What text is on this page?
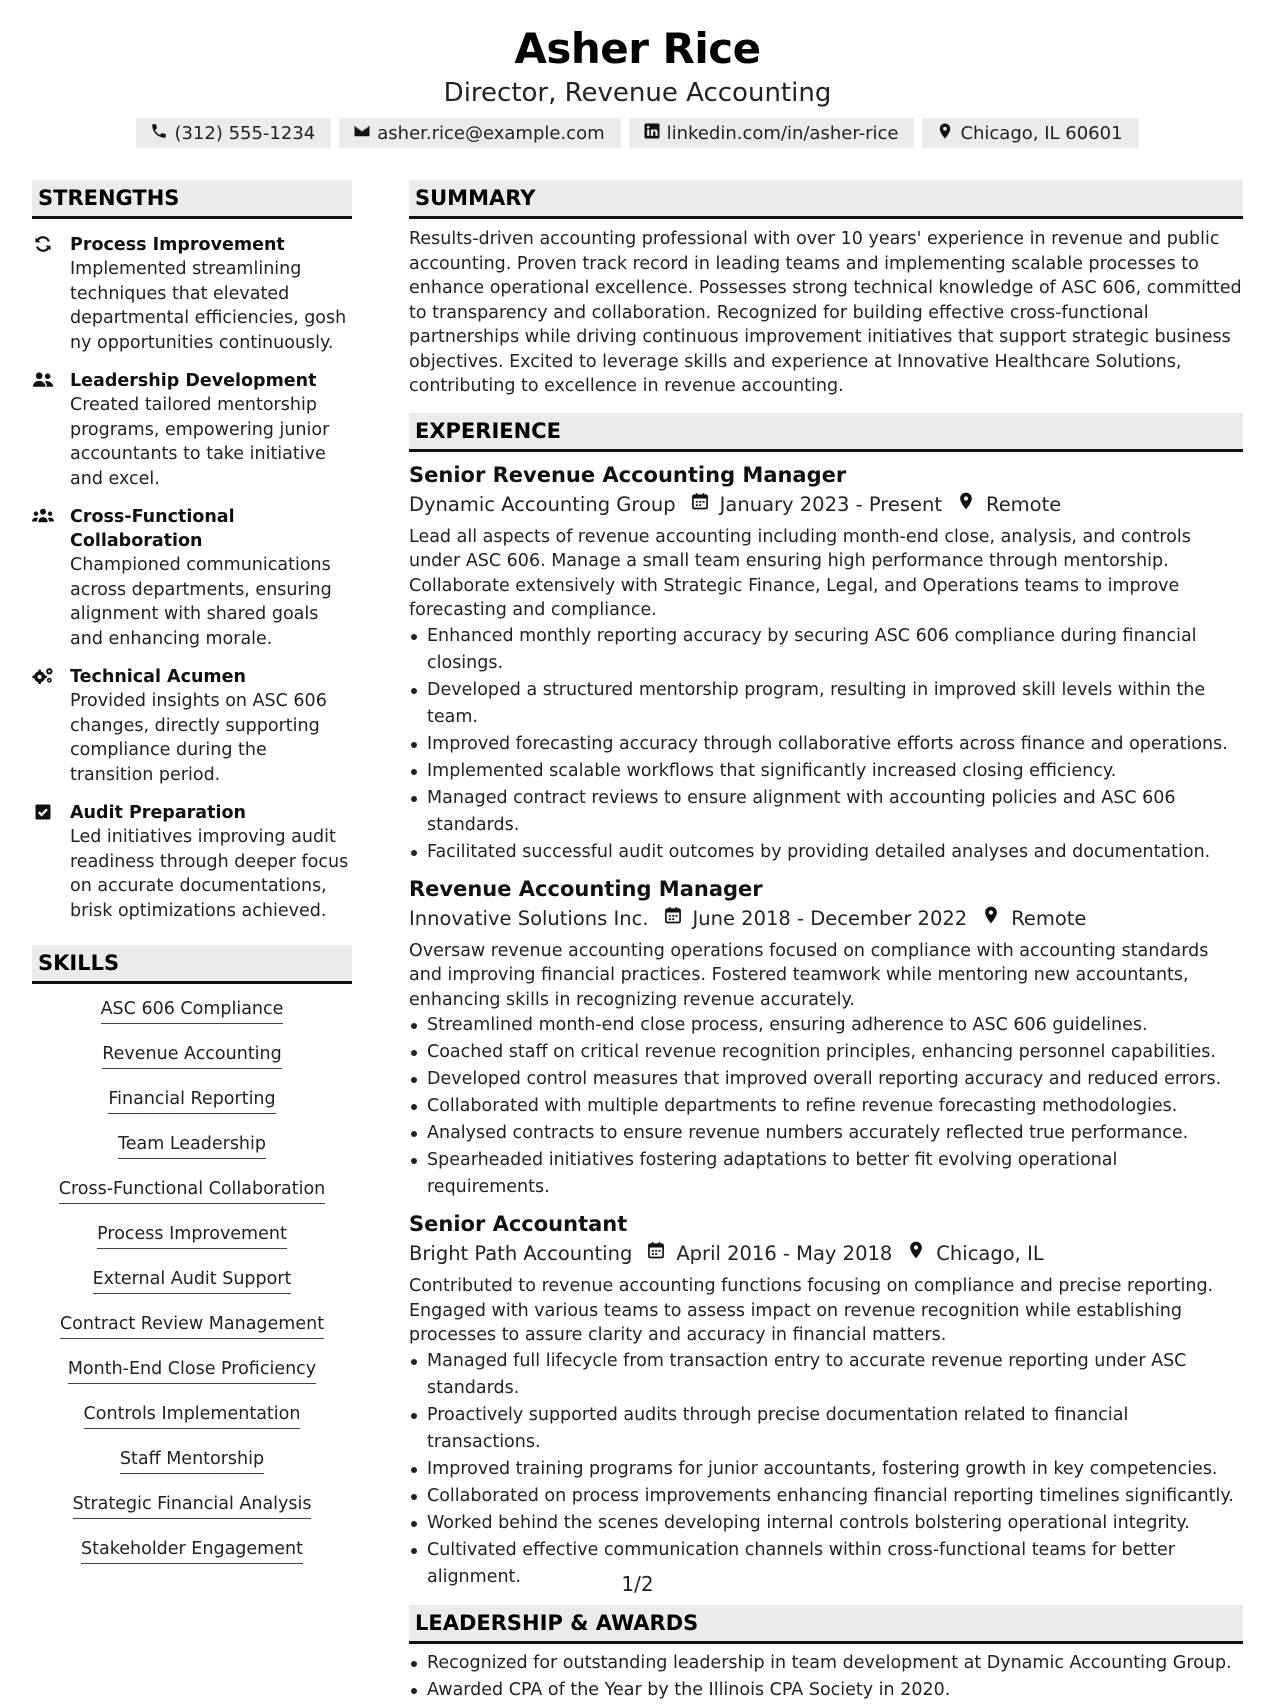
Asher Rice
Director, Revenue Accounting
(312) 555-1234	asher.rice@example.com	linkedin.com/in/asher-rice	Chicago, IL 60601
STRENGTHS
Process Improvement
Implemented streamlining techniques that elevated departmental efficiencies, gosh ny opportunities continuously.
Leadership Development
Created tailored mentorship programs, empowering junior accountants to take initiative and excel.
Cross-Functional Collaboration
Championed communications across departments, ensuring alignment with shared goals and enhancing morale.
Technical Acumen
Provided insights on ASC 606 changes, directly supporting compliance during the transition period.
Audit Preparation
Led initiatives improving audit readiness through deeper focus on accurate documentations, brisk optimizations achieved.
SKILLS
ASC 606 Compliance
Revenue Accounting
Financial Reporting
Team Leadership
Cross-Functional Collaboration
Process Improvement
External Audit Support
Contract Review Management
Month-End Close Proficiency
Controls Implementation
Staff Mentorship
Strategic Financial Analysis
Stakeholder Engagement
SUMMARY

Results-driven accounting professional with over 10 years' experience in revenue and public accounting. Proven track record in leading teams and implementing scalable processes to enhance operational excellence. Possesses strong technical knowledge of ASC 606, committed to transparency and collaboration. Recognized for building effective cross-functional partnerships while driving continuous improvement initiatives that support strategic business objectives. Excited to leverage skills and experience at Innovative Healthcare Solutions, contributing to excellence in revenue accounting.

EXPERIENCE
Senior Revenue Accounting Manager
Dynamic Accounting Group January 2023 - Present Remote
Lead all aspects of revenue accounting including month-end close, analysis, and controls under ASC 606. Manage a small team ensuring high performance through mentorship. Collaborate extensively with Strategic Finance, Legal, and Operations teams to improve forecasting and compliance.
Enhanced monthly reporting accuracy by securing ASC 606 compliance during financial closings.
Developed a structured mentorship program, resulting in improved skill levels within the team.
Improved forecasting accuracy through collaborative efforts across finance and operations.
Implemented scalable workflows that significantly increased closing efficiency.
Managed contract reviews to ensure alignment with accounting policies and ASC 606 standards.
Facilitated successful audit outcomes by providing detailed analyses and documentation.
Revenue Accounting Manager
Innovative Solutions Inc. June 2018 - December 2022 Remote
Oversaw revenue accounting operations focused on compliance with accounting standards and improving financial practices. Fostered teamwork while mentoring new accountants, enhancing skills in recognizing revenue accurately.
Streamlined month-end close process, ensuring adherence to ASC 606 guidelines.
Coached staff on critical revenue recognition principles, enhancing personnel capabilities.
Developed control measures that improved overall reporting accuracy and reduced errors.
Collaborated with multiple departments to refine revenue forecasting methodologies.
Analysed contracts to ensure revenue numbers accurately reflected true performance.
Spearheaded initiatives fostering adaptations to better fit evolving operational requirements.
Senior Accountant
Bright Path Accounting April 2016 - May 2018 Chicago, IL
Contributed to revenue accounting functions focusing on compliance and precise reporting. Engaged with various teams to assess impact on revenue recognition while establishing processes to assure clarity and accuracy in financial matters.
Managed full lifecycle from transaction entry to accurate revenue reporting under ASC standards.
Proactively supported audits through precise documentation related to financial transactions.
Improved training programs for junior accountants, fostering growth in key competencies.
Collaborated on process improvements enhancing financial reporting timelines significantly.
Worked behind the scenes developing internal controls bolstering operational integrity.
Cultivated effective communication channels within cross-functional teams for better alignment.
LEADERSHIP & AWARDS
Recognized for outstanding leadership in team development at Dynamic Accounting Group.
Awarded CPA of the Year by the Illinois CPA Society in 2020.
1/2
